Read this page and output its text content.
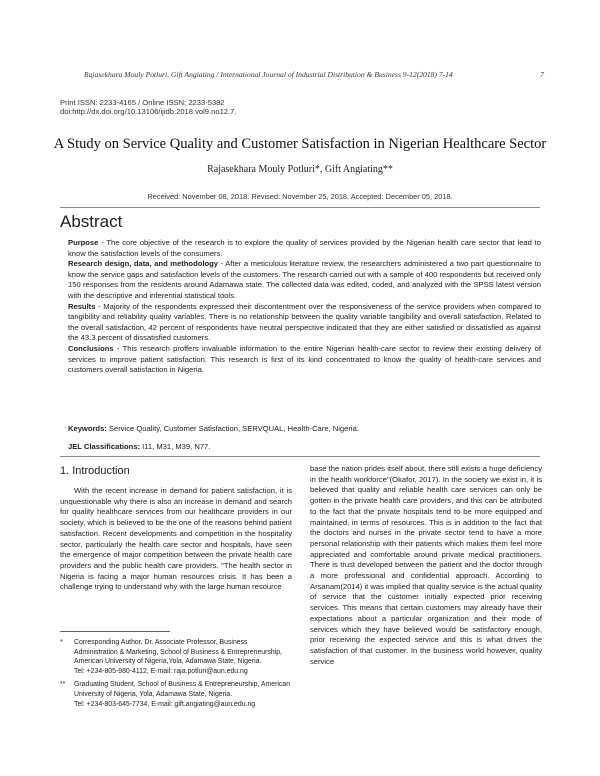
Rajasekhara Mouly Potluri, Gift Angiating / International Journal of Industrial Distribution & Business 9-12(2018) 7-14	7
Print ISSN: 2233-4165 / Online ISSN: 2233-5382
doi:http://dx.doi.org/10.13106/ijidb.2018.vol9.no12.7.
A Study on Service Quality and Customer Satisfaction in Nigerian Healthcare Sector
Rajasekhara Mouly Potluri*, Gift Angiating**
Received: November 08, 2018. Revised: November 25, 2018. Accepted: December 05, 2018.
Abstract

Purpose - The core objective of the research is to explore the quality of services provided by the Nigerian health care sector that lead to know the satisfaction levels of the consumers.

Research design, data, and methodology - After a meticulous literature review, the researchers administered a two part questionnaire to know the service gaps and satisfaction levels of the customers. The research carried out with a sample of 400 respondents but received only 150 responses from the residents around Adamawa state. The collected data was edited, coded, and analyzed with the SPSS latest version with the descriptive and inferential statistical tools.

Results - Majority of the respondents expressed their discontentment over the responsiveness of the service providers when compared to tangibility and reliability quality variables. There is no relationship between the quality variable tangibility and overall satisfaction. Related to the overall satisfaction, 42 percent of respondents have neutral perspective indicated that they are either satisfied or dissatisfied as against the 43.3 percent of dissatisfied customers.

Conclusions - This research proffers invaluable information to the entire Nigerian health-care sector to review their existing delivery of services to improve patient satisfaction. This research is first of its kind concentrated to know the quality of health-care services and customers overall satisfaction in Nigeria.

Keywords: Service Quality, Customer Satisfaction, SERVQUAL, Health-Care, Nigeria.
JEL Classifications: I11, M31, M39, N77.
1. Introduction

With the recent increase in demand for patient satisfaction, it is unquestionable why there is also an increase in demand and search for quality healthcare services from our healthcare providers in our society, which is believed to be the one of the reasons behind patient satisfaction. Recent developments and competition in the hospitality sector, particularly the health care sector and hospitals, have seen the emergence of major competition between the private health care providers and the public health care providers. "The health sector in Nigeria is facing a major human resources crisis. It has been a challenge trying to understand why with the large human resource

base the nation prides itself about, there still exists a huge deficiency in the health workforce"(Okafor, 2017). In the society we exist in, it is believed that quality and reliable health care services can only be gotten in the private health care providers, and this can be attributed to the fact that the private hospitals tend to be more equipped and maintained, in terms of resources. This is in addition to the fact that the doctors and nurses in the private sector tend to have a more personal relationship with their patients which makes them feel more appreciated and comfortable around private medical practitioners. There is trust developed between the patient and the doctor through a more professional and confidential approach. According to Arsanam(2014) it was implied that quality service is the actual quality of service that the customer initially expected prior receiving services. This means that certain customers may already have their expectations about a particular organization and their mode of services which they have believed would be satisfactory enough, prior receiving the expected service and this is what drives the satisfaction of that customer. In the business world however, quality service

* Corresponding Author, Dr. Associate Professor, Business Administration & Marketing, School of Business & Entrepreneurship, American University of Nigeria,Yola, Adamawa State, Nigeria.
Tel: +234-805-980-4112, E-mail: raja.potluri@aun.edu.ng
** Graduating Student, School of Business & Entrepreneurship, American University of Nigeria, Yola, Adamawa State, Nigeria.
Tel: +234-803-645-7734, E-mail: gift.angiating@aun.edu.ng
